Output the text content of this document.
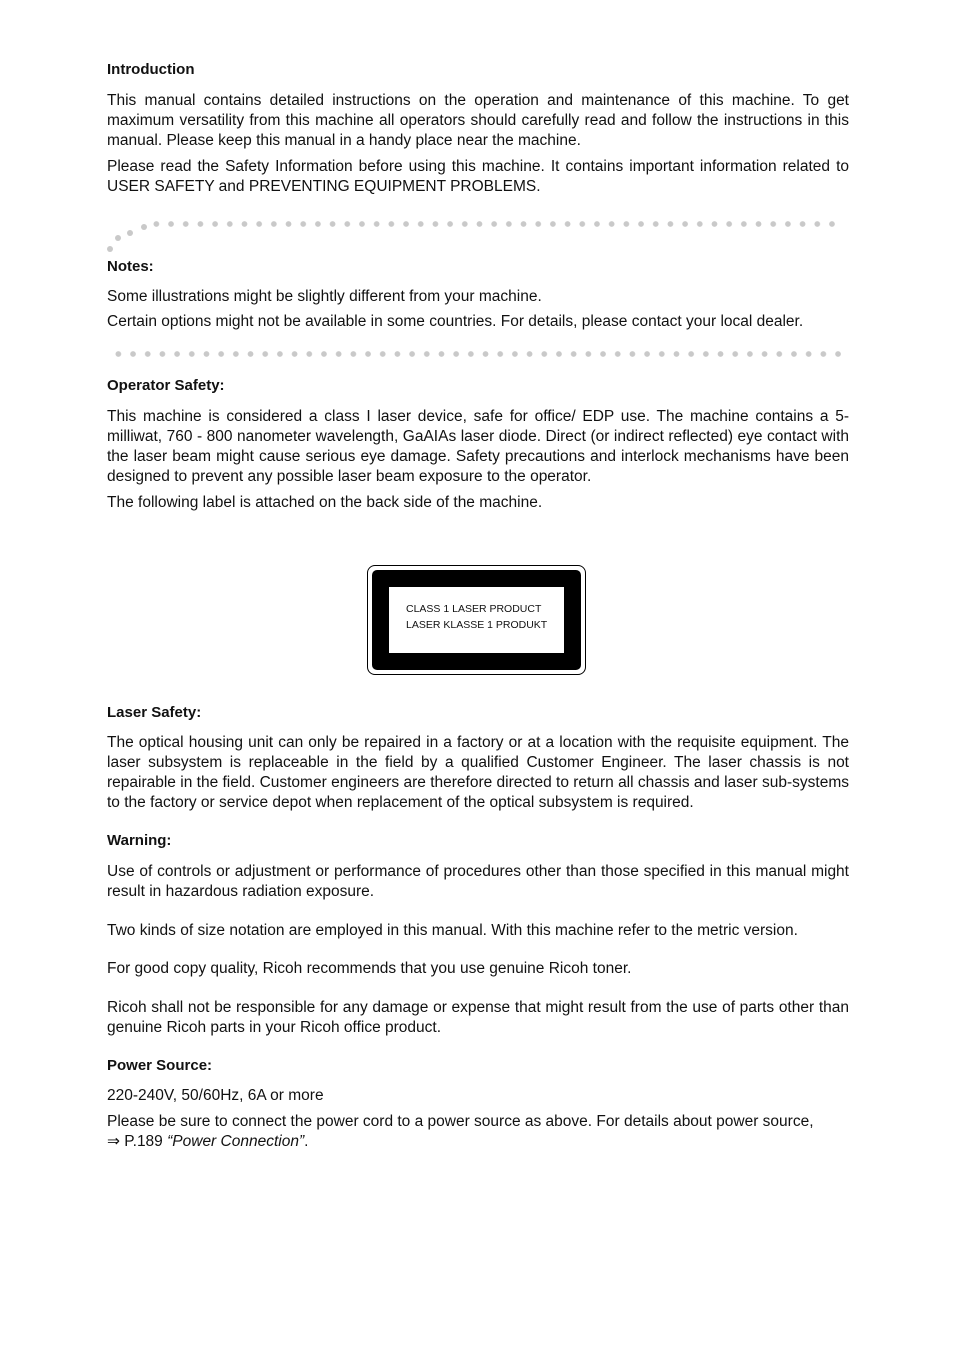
Introduction

This manual contains detailed instructions on the operation and maintenance of this machine. To get maximum versatility from this machine all operators should carefully read and follow the instructions in this manual. Please keep this manual in a handy place near the machine.

Please read the Safety Information before using this machine. It contains important information related to USER SAFETY and PREVENTING EQUIPMENT PROBLEMS.

Notes:

Some illustrations might be slightly different from your machine.

Certain options might not be available in some countries. For details, please contact your local dealer.

Operator Safety:

This machine is considered a class I laser device, safe for office/ EDP use. The machine contains a 5-milliwat, 760 - 800 nanometer wavelength, GaAIAs laser diode. Direct (or indirect reflected) eye contact with the laser beam might cause serious eye damage. Safety precautions and interlock mechanisms have been designed to prevent any possible laser beam exposure to the operator.

The following label is attached on the back side of the machine.

Laser Safety:

The optical housing unit can only be repaired in a factory or at a location with the requisite equipment. The laser subsystem is replaceable in the field by a qualified Customer Engineer. The laser chassis is not repairable in the field. Customer engineers are therefore directed to return all chassis and laser sub-systems to the factory or service depot when replacement of the optical subsystem is required.

Warning:

Use of controls or adjustment or performance of procedures other than those specified in this manual might result in hazardous radiation exposure.

Two kinds of size notation are employed in this manual. With this machine refer to the metric version.

For good copy quality, Ricoh recommends that you use genuine Ricoh toner.

Ricoh shall not be responsible for any damage or expense that might result from the use of parts other than genuine Ricoh parts in your Ricoh office product.

Power Source:

220-240V, 50/60Hz, 6A or more

Please be sure to connect the power cord to a power source as above. For details about power source,
⇒ P.189 “Power Connection”.

CLASS 1 LASER PRODUCT
LASER KLASSE 1 PRODUKT
